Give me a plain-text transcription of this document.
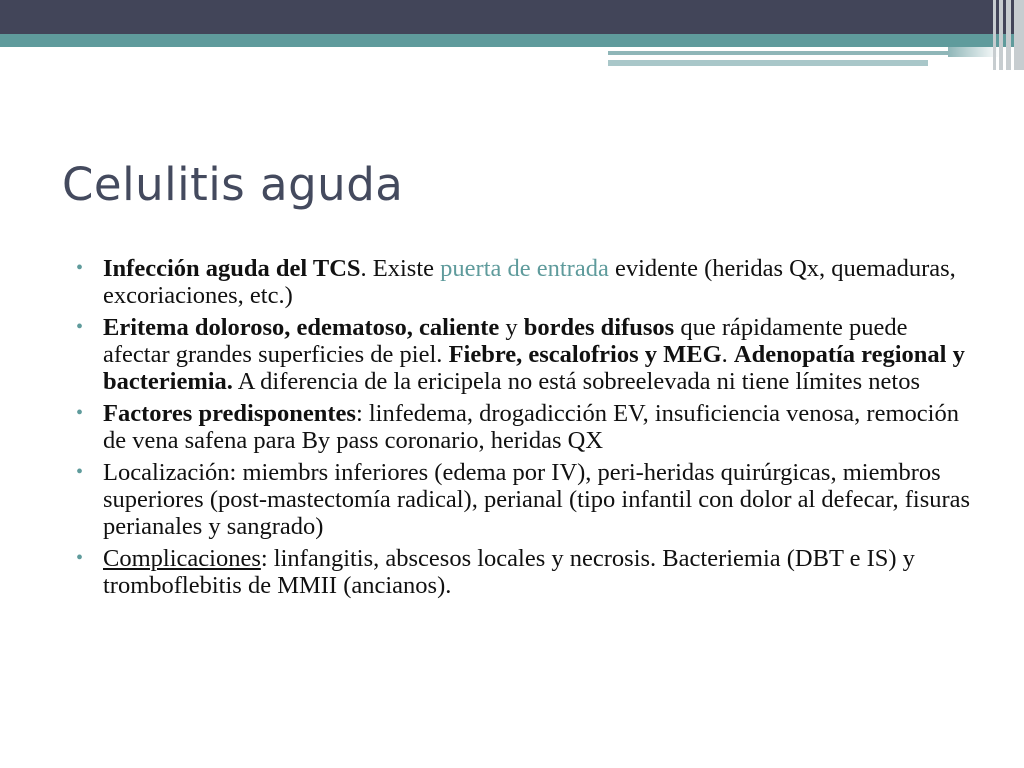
Celulitis aguda
• Infección aguda del TCS. Existe puerta de entrada evidente (heridas Qx, quemaduras, excoriaciones, etc.)
• Eritema doloroso, edematoso, caliente y bordes difusos que rápidamente puede afectar grandes superficies de piel. Fiebre, escalofrios y MEG. Adenopatía regional y bacteriemia. A diferencia de la ericipela no está sobreelevada ni tiene límites netos
• Factores predisponentes: linfedema, drogadicción EV, insuficiencia venosa, remoción de vena safena para By pass coronario, heridas QX
• Localización: miembrs inferiores (edema por IV), peri-heridas quirúrgicas, miembros superiores (post-mastectomía radical), perianal (tipo infantil con dolor al defecar, fisuras perianales y sangrado)
• Complicaciones: linfangitis, abscesos locales y necrosis. Bacteriemia (DBT e IS) y tromboflebitis de MMII (ancianos).
